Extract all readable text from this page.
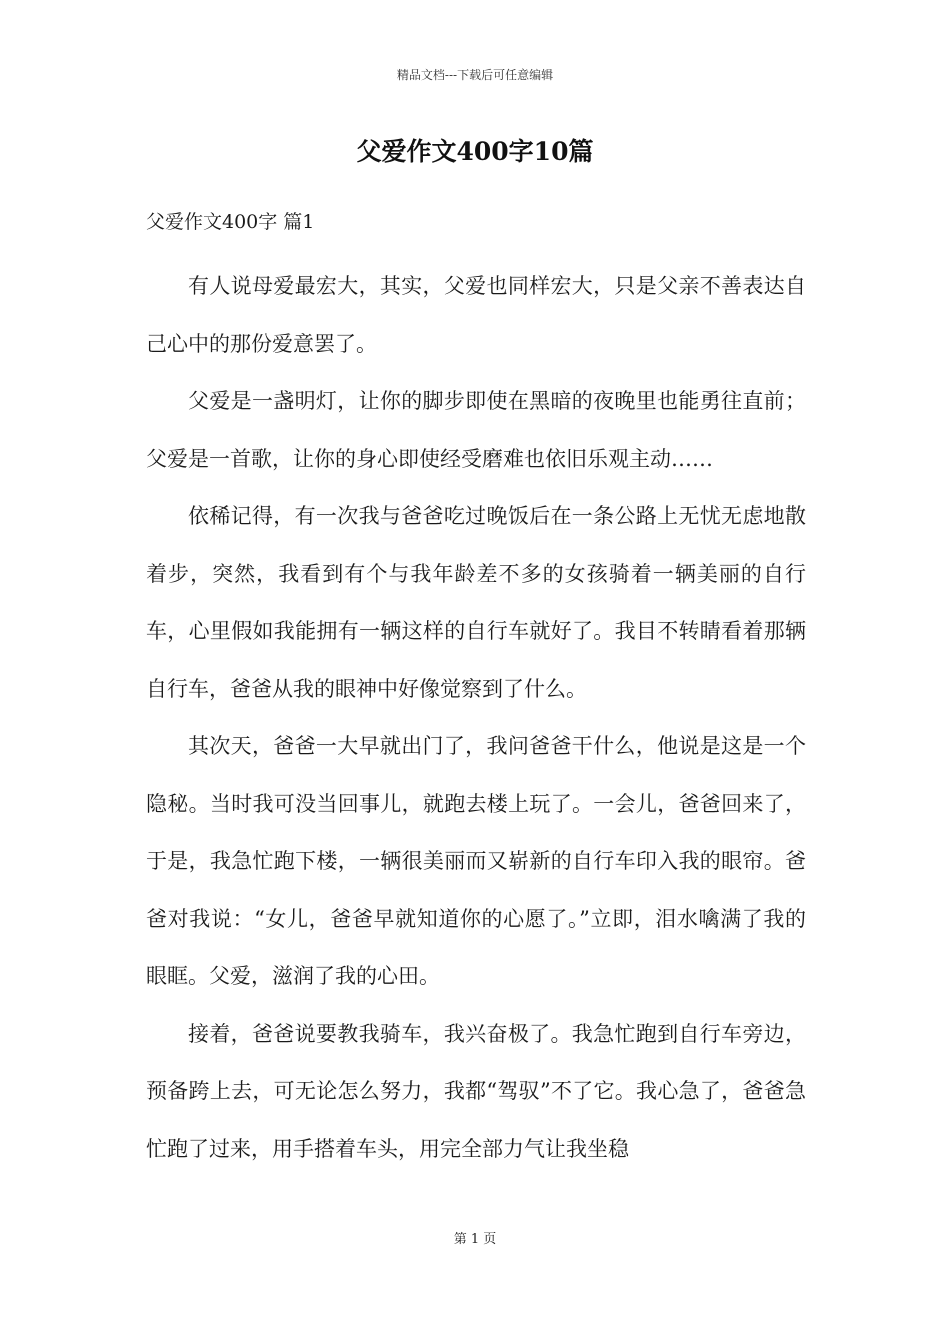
精品文档---下载后可任意编辑
父爱作文400字10篇
父爱作文400字 篇1

有人说母爱最宏大，其实，父爱也同样宏大，只是父亲不善表达自己心中的那份爱意罢了。

父爱是一盏明灯，让你的脚步即使在黑暗的夜晚里也能勇往直前；父爱是一首歌，让你的身心即使经受磨难也依旧乐观主动……

依稀记得，有一次我与爸爸吃过晚饭后在一条公路上无忧无虑地散着步，突然，我看到有个与我年龄差不多的女孩骑着一辆美丽的自行车，心里假如我能拥有一辆这样的自行车就好了。我目不转睛看着那辆自行车，爸爸从我的眼神中好像觉察到了什么。

其次天，爸爸一大早就出门了，我问爸爸干什么，他说是这是一个隐秘。当时我可没当回事儿，就跑去楼上玩了。一会儿，爸爸回来了，于是，我急忙跑下楼，一辆很美丽而又崭新的自行车印入我的眼帘。爸爸对我说：“女儿，爸爸早就知道你的心愿了。”立即，泪水噙满了我的眼眶。父爱，滋润了我的心田。

接着，爸爸说要教我骑车，我兴奋极了。我急忙跑到自行车旁边，预备跨上去，可无论怎么努力，我都“驾驭”不了它。我心急了，爸爸急忙跑了过来，用手搭着车头，用完全部力气让我坐稳

第 1 页
